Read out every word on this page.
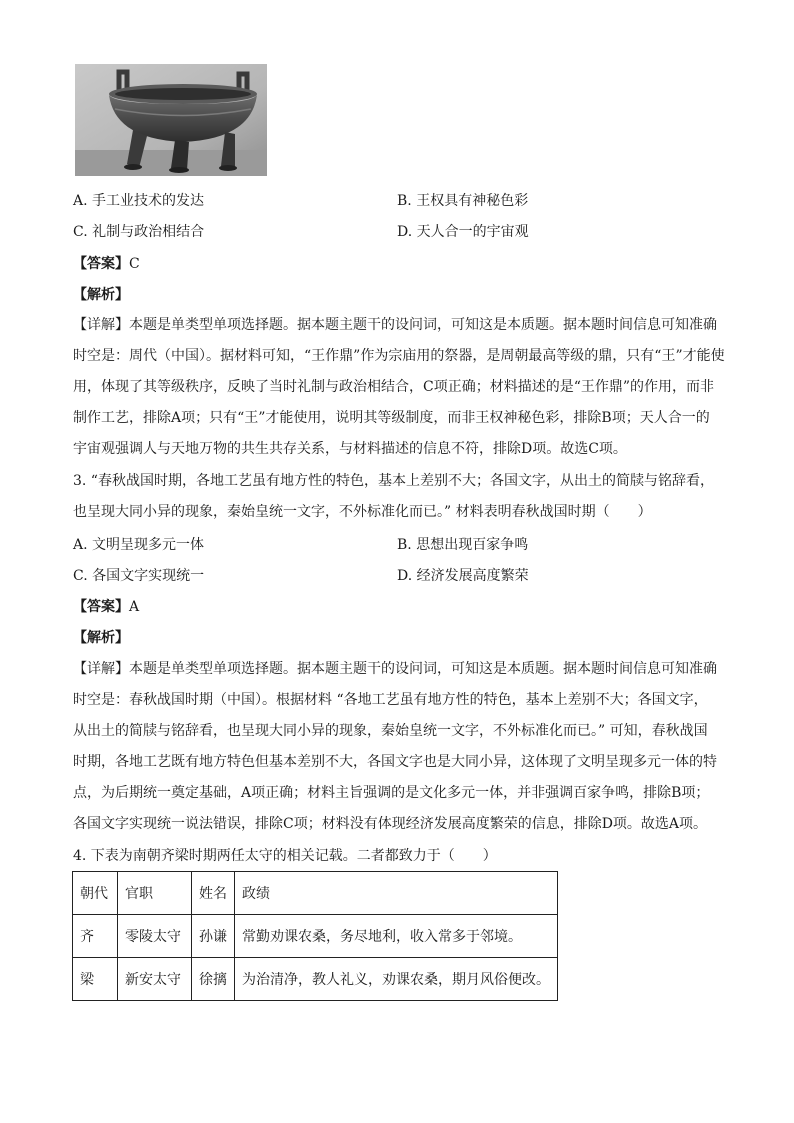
A. 手工业技术的发达	B. 王权具有神秘色彩
C. 礼制与政治相结合	D. 天人合一的宇宙观
【答案】C
【解析】
【详解】本题是单类型单项选择题。据本题主题干的设问词，可知这是本质题。据本题时间信息可知准确
时空是：周代（中国）。据材料可知，“王作鼎”作为宗庙用的祭器，是周朝最高等级的鼎，只有“王”才能使
用，体现了其等级秩序，反映了当时礼制与政治相结合，C项正确；材料描述的是“王作鼎”的作用，而非
制作工艺，排除A项；只有“王”才能使用，说明其等级制度，而非王权神秘色彩，排除B项；天人合一的
宇宙观强调人与天地万物的共生共存关系，与材料描述的信息不符，排除D项。故选C项。
3. “春秋战国时期，各地工艺虽有地方性的特色，基本上差别不大；各国文字，从出土的简牍与铭辞看，
也呈现大同小异的现象，秦始皇统一文字，不外标准化而已。” 材料表明春秋战国时期（　　）
A. 文明呈现多元一体	B. 思想出现百家争鸣
C. 各国文字实现统一	D. 经济发展高度繁荣
【答案】A
【解析】
【详解】本题是单类型单项选择题。据本题主题干的设问词，可知这是本质题。据本题时间信息可知准确
时空是：春秋战国时期（中国）。根据材料 “各地工艺虽有地方性的特色，基本上差别不大；各国文字，
从出土的简牍与铭辞看，也呈现大同小异的现象，秦始皇统一文字，不外标准化而已。” 可知，春秋战国
时期，各地工艺既有地方特色但基本差别不大，各国文字也是大同小异，这体现了文明呈现多元一体的特
点，为后期统一奠定基础，A项正确；材料主旨强调的是文化多元一体，并非强调百家争鸣，排除B项；
各国文字实现统一说法错误，排除C项；材料没有体现经济发展高度繁荣的信息，排除D项。故选A项。
4. 下表为南朝齐梁时期两任太守的相关记载。二者都致力于（　　）
朝代	官职	姓名	政绩
齐	零陵太守	孙谦	常勤劝课农桑，务尽地利，收入常多于邻境。
梁	新安太守	徐摛	为治清净，教人礼义，劝课农桑，期月风俗便改。
